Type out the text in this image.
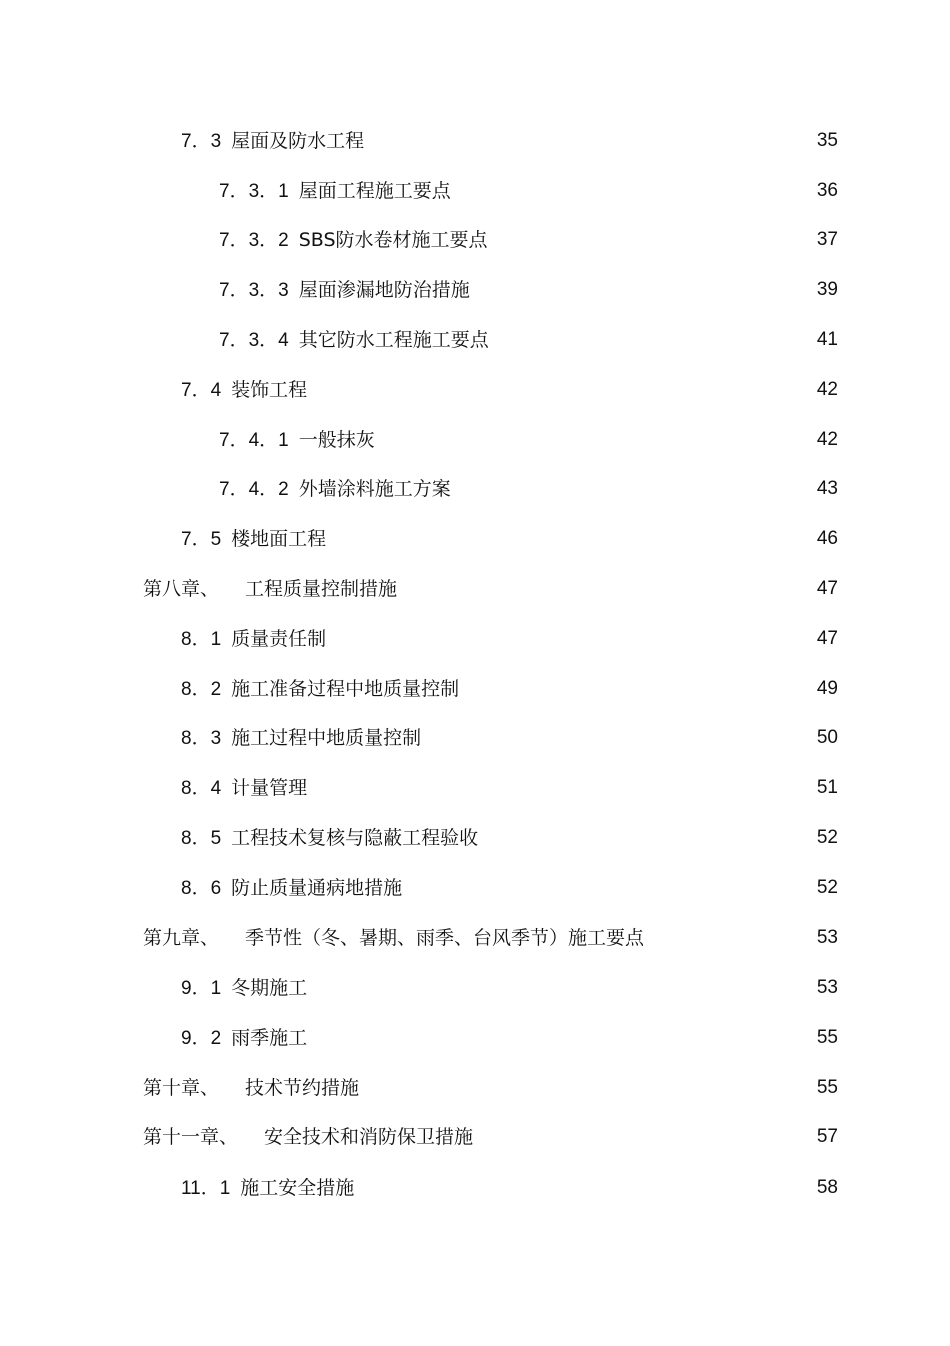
7．3 屋面及防水工程	35
7．3．1 屋面工程施工要点	36
7．3．2 SBS防水卷材施工要点	37
7．3．3 屋面渗漏地防治措施	39
7．3．4 其它防水工程施工要点	41
7．4 装饰工程	42
7．4．1 一般抹灰	42
7．4．2 外墙涂料施工方案	43
7．5 楼地面工程	46
第八章、 工程质量控制措施	47
8．1 质量责任制	47
8．2 施工准备过程中地质量控制	49
8．3 施工过程中地质量控制	50
8．4 计量管理	51
8．5 工程技术复核与隐蔽工程验收	52
8．6 防止质量通病地措施	52
第九章、 季节性（冬、暑期、雨季、台风季节）施工要点	53
9．1 冬期施工	53
9．2 雨季施工	55
第十章、 技术节约措施	55
第十一章、 安全技术和消防保卫措施	57
11．1 施工安全措施	58
